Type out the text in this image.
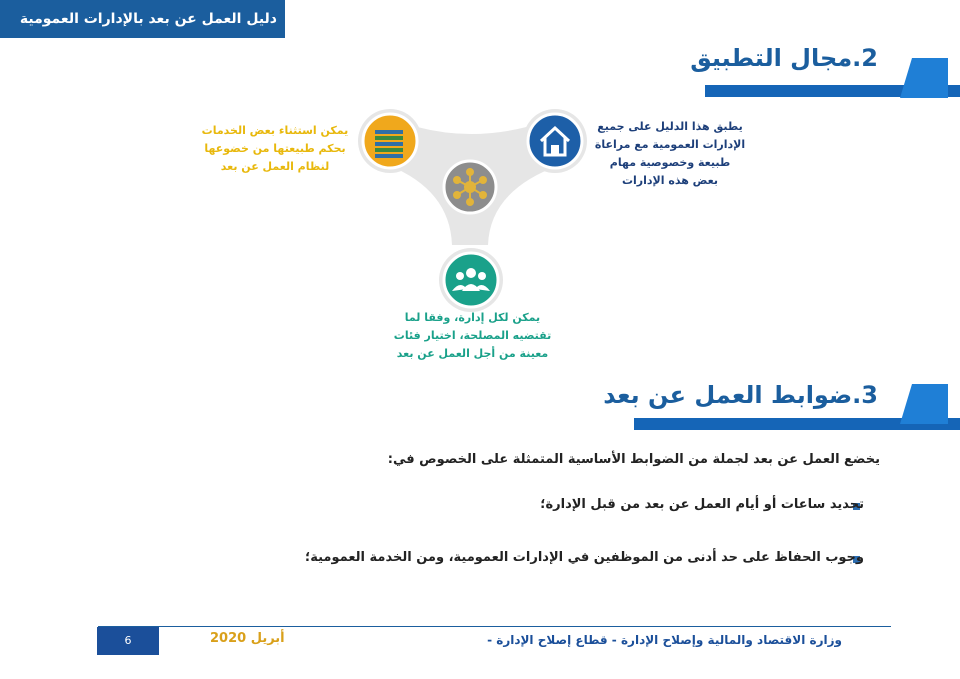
دليل العمل عن بعد بالإدارات العمومية
2.مجال التطبيق
يمكن استثناء بعض الخدمات
بحكم طبيعتها من خضوعها
لنظام العمل عن بعد
يطبق هذا الدليل على جميع
الإدارات العمومية مع مراعاة
طبيعة وخصوصية مهام
بعض هذه الإدارات
يمكن لكل إدارة، وفقا لما
تقتضيه المصلحة، اختيار فئات
معينة من أجل العمل عن بعد
3.ضوابط العمل عن بعد
يخضع العمل عن بعد لجملة من الضوابط الأساسية المتمثلة على الخصوص في:
تحديد ساعات أو أيام العمل عن بعد من قبل الإدارة؛
وجوب الحفاظ على حد أدنى من الموظفين في الإدارات العمومية، ومن الخدمة العمومية؛
6	أبريل 2020	وزارة الاقتصاد والمالية وإصلاح الإدارة - قطاع إصلاح الإدارة -
